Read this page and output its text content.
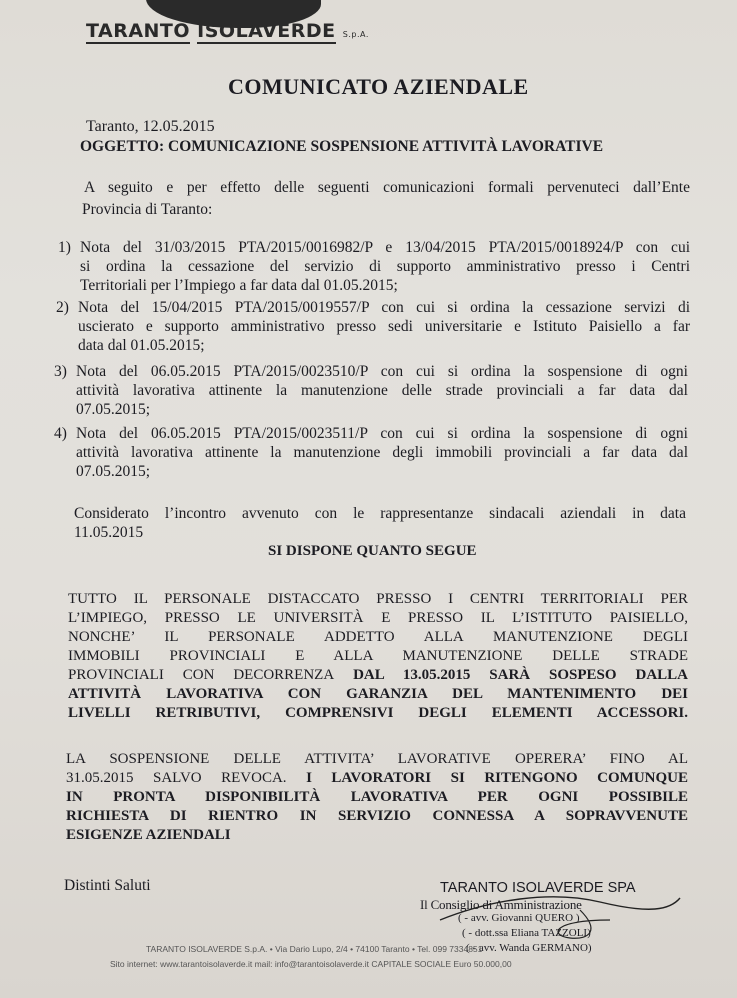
TARANTO ISOLAVERDE S.p.A.
COMUNICATO AZIENDALE
Taranto, 12.05.2015
OGGETTO: COMUNICAZIONE SOSPENSIONE ATTIVITÀ LAVORATIVE
A seguito e per effetto delle seguenti comunicazioni formali pervenuteci dall’Ente
Provincia di Taranto:
1) Nota del 31/03/2015 PTA/2015/0016982/P e 13/04/2015 PTA/2015/0018924/P con cui
si ordina la cessazione del servizio di supporto amministrativo presso i Centri
Territoriali per l’Impiego a far data dal 01.05.2015;
2) Nota del 15/04/2015 PTA/2015/0019557/P con cui si ordina la cessazione servizi di
uscierato e supporto amministrativo presso sedi universitarie e Istituto Paisiello a far
data dal 01.05.2015;
3) Nota del 06.05.2015 PTA/2015/0023510/P con cui si ordina la sospensione di ogni
attività lavorativa attinente la manutenzione delle strade provinciali a far data dal
07.05.2015;
4) Nota del 06.05.2015 PTA/2015/0023511/P con cui si ordina la sospensione di ogni
attività lavorativa attinente la manutenzione degli immobili provinciali a far data dal
07.05.2015;
Considerato l’incontro avvenuto con le rappresentanze sindacali aziendali in data
11.05.2015
SI DISPONE QUANTO SEGUE
TUTTO IL PERSONALE DISTACCATO PRESSO I CENTRI TERRITORIALI PER
L’IMPIEGO, PRESSO LE UNIVERSITÀ E PRESSO IL L’ISTITUTO PAISIELLO,
NONCHE’ IL PERSONALE ADDETTO ALLA MANUTENZIONE DEGLI
IMMOBILI PROVINCIALI E ALLA MANUTENZIONE DELLE STRADE
PROVINCIALI CON DECORRENZA DAL 13.05.2015 SARÀ SOSPESO DALLA
ATTIVITÀ LAVORATIVA CON GARANZIA DEL MANTENIMENTO DEI
LIVELLI RETRIBUTIVI, COMPRENSIVI DEGLI ELEMENTI ACCESSORI.
LA SOSPENSIONE DELLE ATTIVITA’ LAVORATIVE OPERERA’ FINO AL
31.05.2015 SALVO REVOCA. I LAVORATORI SI RITENGONO COMUNQUE
IN PRONTA DISPONIBILITÀ LAVORATIVA PER OGNI POSSIBILE
RICHIESTA DI RIENTRO IN SERVIZIO CONNESSA A SOPRAVVENUTE
ESIGENZE AZIENDALI
Distinti Saluti	TARANTO ISOLAVERDE SPA
Il Consiglio di Amministrazione
( - avv. Giovanni QUERO )
( - dott.ssa Eliana TAZZOLI)
( - avv. Wanda GERMANO)
TARANTO ISOLAVERDE S.p.A. • Via Dario Lupo, 2/4 • 74100 Taranto • Tel. 099 7334851
Sito internet: www.tarantoisolaverde.it mail: info@tarantoisolaverde.it CAPITALE SOCIALE Euro 50.000,00
